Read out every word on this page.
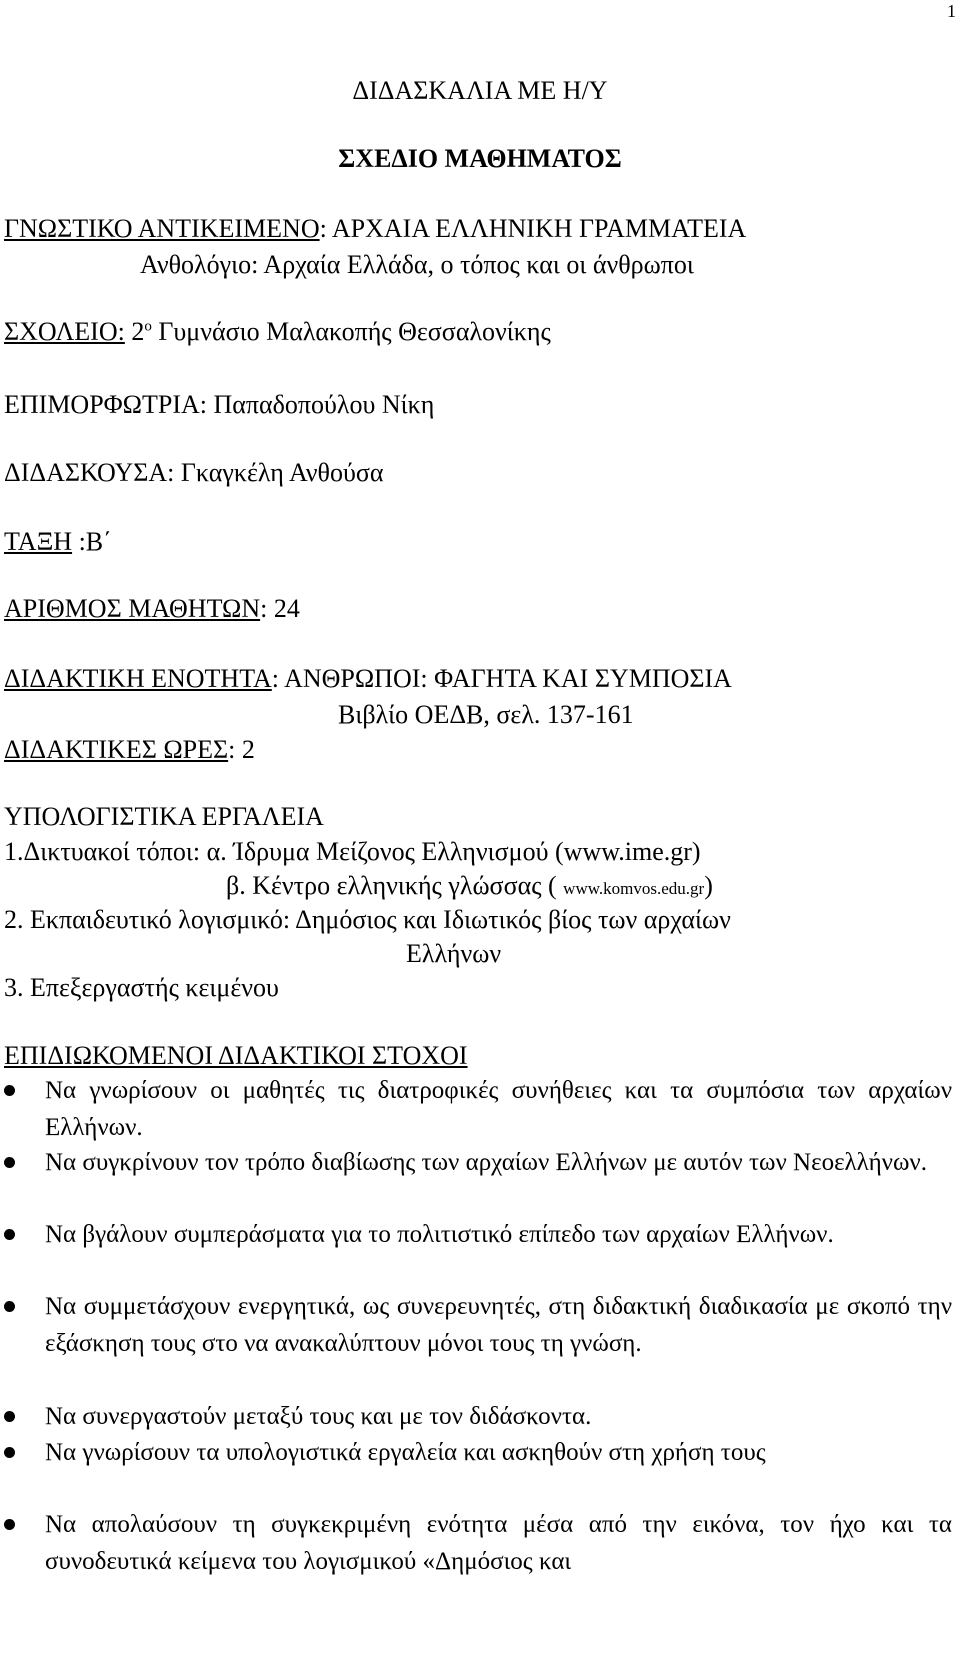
1
ΔΙΔΑΣΚΑΛΙΑ ΜΕ Η/Υ
ΣΧΕΔΙΟ ΜΑΘΗΜΑΤΟΣ
ΓΝΩΣΤΙΚΟ ΑΝΤΙΚΕΙΜΕΝΟ: ΑΡΧΑΙΑ ΕΛΛΗΝΙΚΗ ΓΡΑΜΜΑΤΕΙΑ
Ανθολόγιο: Αρχαία Ελλάδα, ο τόπος και οι άνθρωποι
ΣΧΟΛΕΙΟ: $2^o$ Γυμνάσιο Μαλακοπής Θεσσαλονίκης
ΕΠΙΜΟΡΦΩΤΡΙΑ: Παπαδοπούλου Νίκη
ΔΙΔΑΣΚΟΥΣΑ: Γκαγκέλη Ανθούσα
ΤΑΞΗ :Β΄
ΑΡΙΘΜΟΣ ΜΑΘΗΤΩΝ: 24
ΔΙΔΑΚΤΙΚΗ ΕΝΟΤΗΤΑ: ΑΝΘΡΩΠΟΙ: ΦΑΓΗΤΑ ΚΑΙ ΣΥΜΠΟΣΙΑ
Βιβλίο ΟΕΔΒ, σελ. 137-161
ΔΙΔΑΚΤΙΚΕΣ ΩΡΕΣ: 2
ΥΠΟΛΟΓΙΣΤΙΚΑ ΕΡΓΑΛΕΙΑ
1.Δικτυακοί τόποι: α. Ίδρυμα Μείζονος Ελληνισμού (www.ime.gr)
β. Κέντρο ελληνικής γλώσσας ( www.komvos.edu.gr)
2. Εκπαιδευτικό λογισμικό: Δημόσιος και Ιδιωτικός βίος των αρχαίων
Ελλήνων
3. Επεξεργαστής κειμένου
ΕΠΙΔΙΩΚΟΜΕΝΟΙ ΔΙΔΑΚΤΙΚΟΙ ΣΤΟΧΟΙ
Να γνωρίσουν οι μαθητές τις διατροφικές συνήθειες και τα συμπόσια των αρχαίων Ελλήνων.
Να συγκρίνουν τον τρόπο διαβίωσης των αρχαίων Ελλήνων με αυτόν των Νεοελλήνων.
Να βγάλουν συμπεράσματα για το πολιτιστικό επίπεδο των αρχαίων Ελλήνων.
Να συμμετάσχουν ενεργητικά, ως συνερευνητές, στη διδακτική διαδικασία με σκοπό την εξάσκηση τους στο να ανακαλύπτουν μόνοι τους τη γνώση.
Να συνεργαστούν μεταξύ τους και με τον διδάσκοντα.
Να γνωρίσουν τα υπολογιστικά εργαλεία και ασκηθούν στη χρήση τους
Να απολαύσουν τη συγκεκριμένη ενότητα μέσα από την εικόνα, τον ήχο και τα συνοδευτικά κείμενα του λογισμικού «Δημόσιος και
